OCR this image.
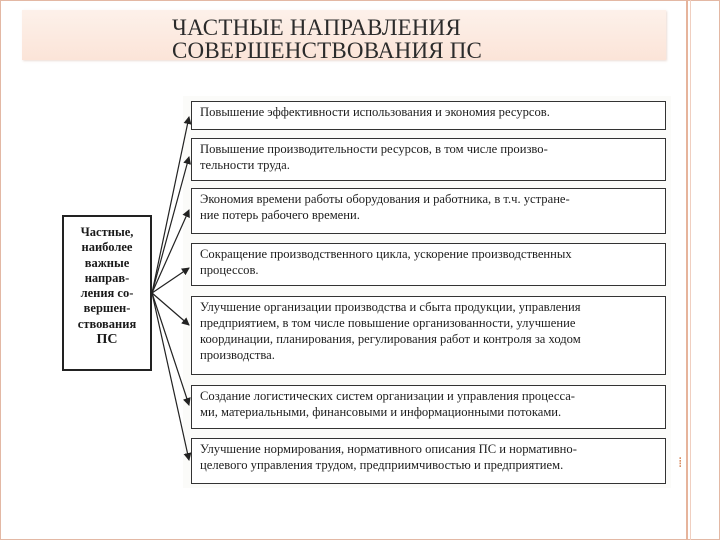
ЧАСТНЫЕ НАПРАВЛЕНИЯ
СОВЕРШЕНСТВОВАНИЯ ПС
Частные,
наиболее
важные
направ-
ления со-
вершен-
ствования
ПС
Повышение эффективности использования и экономия ресурсов.
Повышение производительности ресурсов, в том числе произво-
тельности труда.
Экономия времени работы оборудования и работника, в т.ч. устране-
ние потерь рабочего времени.
Сокращение производственного цикла, ускорение производственных
процессов.
Улучшение организации производства и сбыта продукции, управления
предприятием, в том числе повышение организованности, улучшение
координации, планирования, регулирования работ и контроля за ходом
производства.
Создание логистических систем организации и управления процесса-
ми, материальными, финансовыми и информационными потоками.
Улучшение нормирования, нормативного описания ПС и нормативно-
целевого управления трудом, предприимчивостью и предприятием.	⁞
